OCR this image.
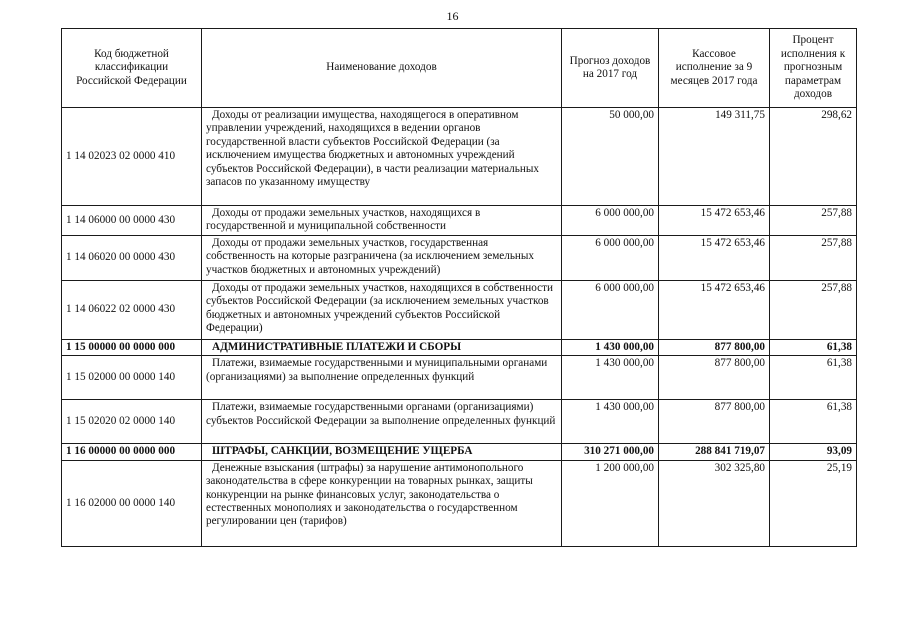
16
Код бюджетной классификации Российской Федерации	Наименование доходов	Прогноз доходов на 2017 год	Кассовое исполнение за 9 месяцев 2017 года	Процент исполнения к прогнозным параметрам доходов
1 14 02023 02 0000 410	Доходы от реализации имущества, находящегося в оперативном управлении учреждений, находящихся в ведении органов государственной власти субъектов Российской Федерации (за исключением имущества бюджетных и автономных учреждений субъектов Российской Федерации), в части реализации материальных запасов по указанному имуществу	50 000,00	149 311,75	298,62
1 14 06000 00 0000 430	Доходы от продажи земельных участков, находящихся в государственной и муниципальной собственности	6 000 000,00	15 472 653,46	257,88
1 14 06020 00 0000 430	Доходы от продажи земельных участков, государственная собственность на которые разграничена (за исключением земельных участков бюджетных и автономных учреждений)	6 000 000,00	15 472 653,46	257,88
1 14 06022 02 0000 430	Доходы от продажи земельных участков, находящихся в собственности субъектов Российской Федерации (за исключением земельных участков бюджетных и автономных учреждений субъектов Российской Федерации)	6 000 000,00	15 472 653,46	257,88
1 15 00000 00 0000 000	АДМИНИСТРАТИВНЫЕ ПЛАТЕЖИ И СБОРЫ	1 430 000,00	877 800,00	61,38
1 15 02000 00 0000 140	Платежи, взимаемые государственными и муниципальными органами (организациями) за выполнение определенных функций	1 430 000,00	877 800,00	61,38
1 15 02020 02 0000 140	Платежи, взимаемые государственными органами (организациями) субъектов Российской Федерации за выполнение определенных функций	1 430 000,00	877 800,00	61,38
1 16 00000 00 0000 000	ШТРАФЫ, САНКЦИИ, ВОЗМЕЩЕНИЕ УЩЕРБА	310 271 000,00	288 841 719,07	93,09
1 16 02000 00 0000 140	Денежные взыскания (штрафы) за нарушение антимонопольного законодательства в сфере конкуренции на товарных рынках, защиты конкуренции на рынке финансовых услуг, законодательства о естественных монополиях и законодательства о государственном регулировании цен (тарифов)	1 200 000,00	302 325,80	25,19
